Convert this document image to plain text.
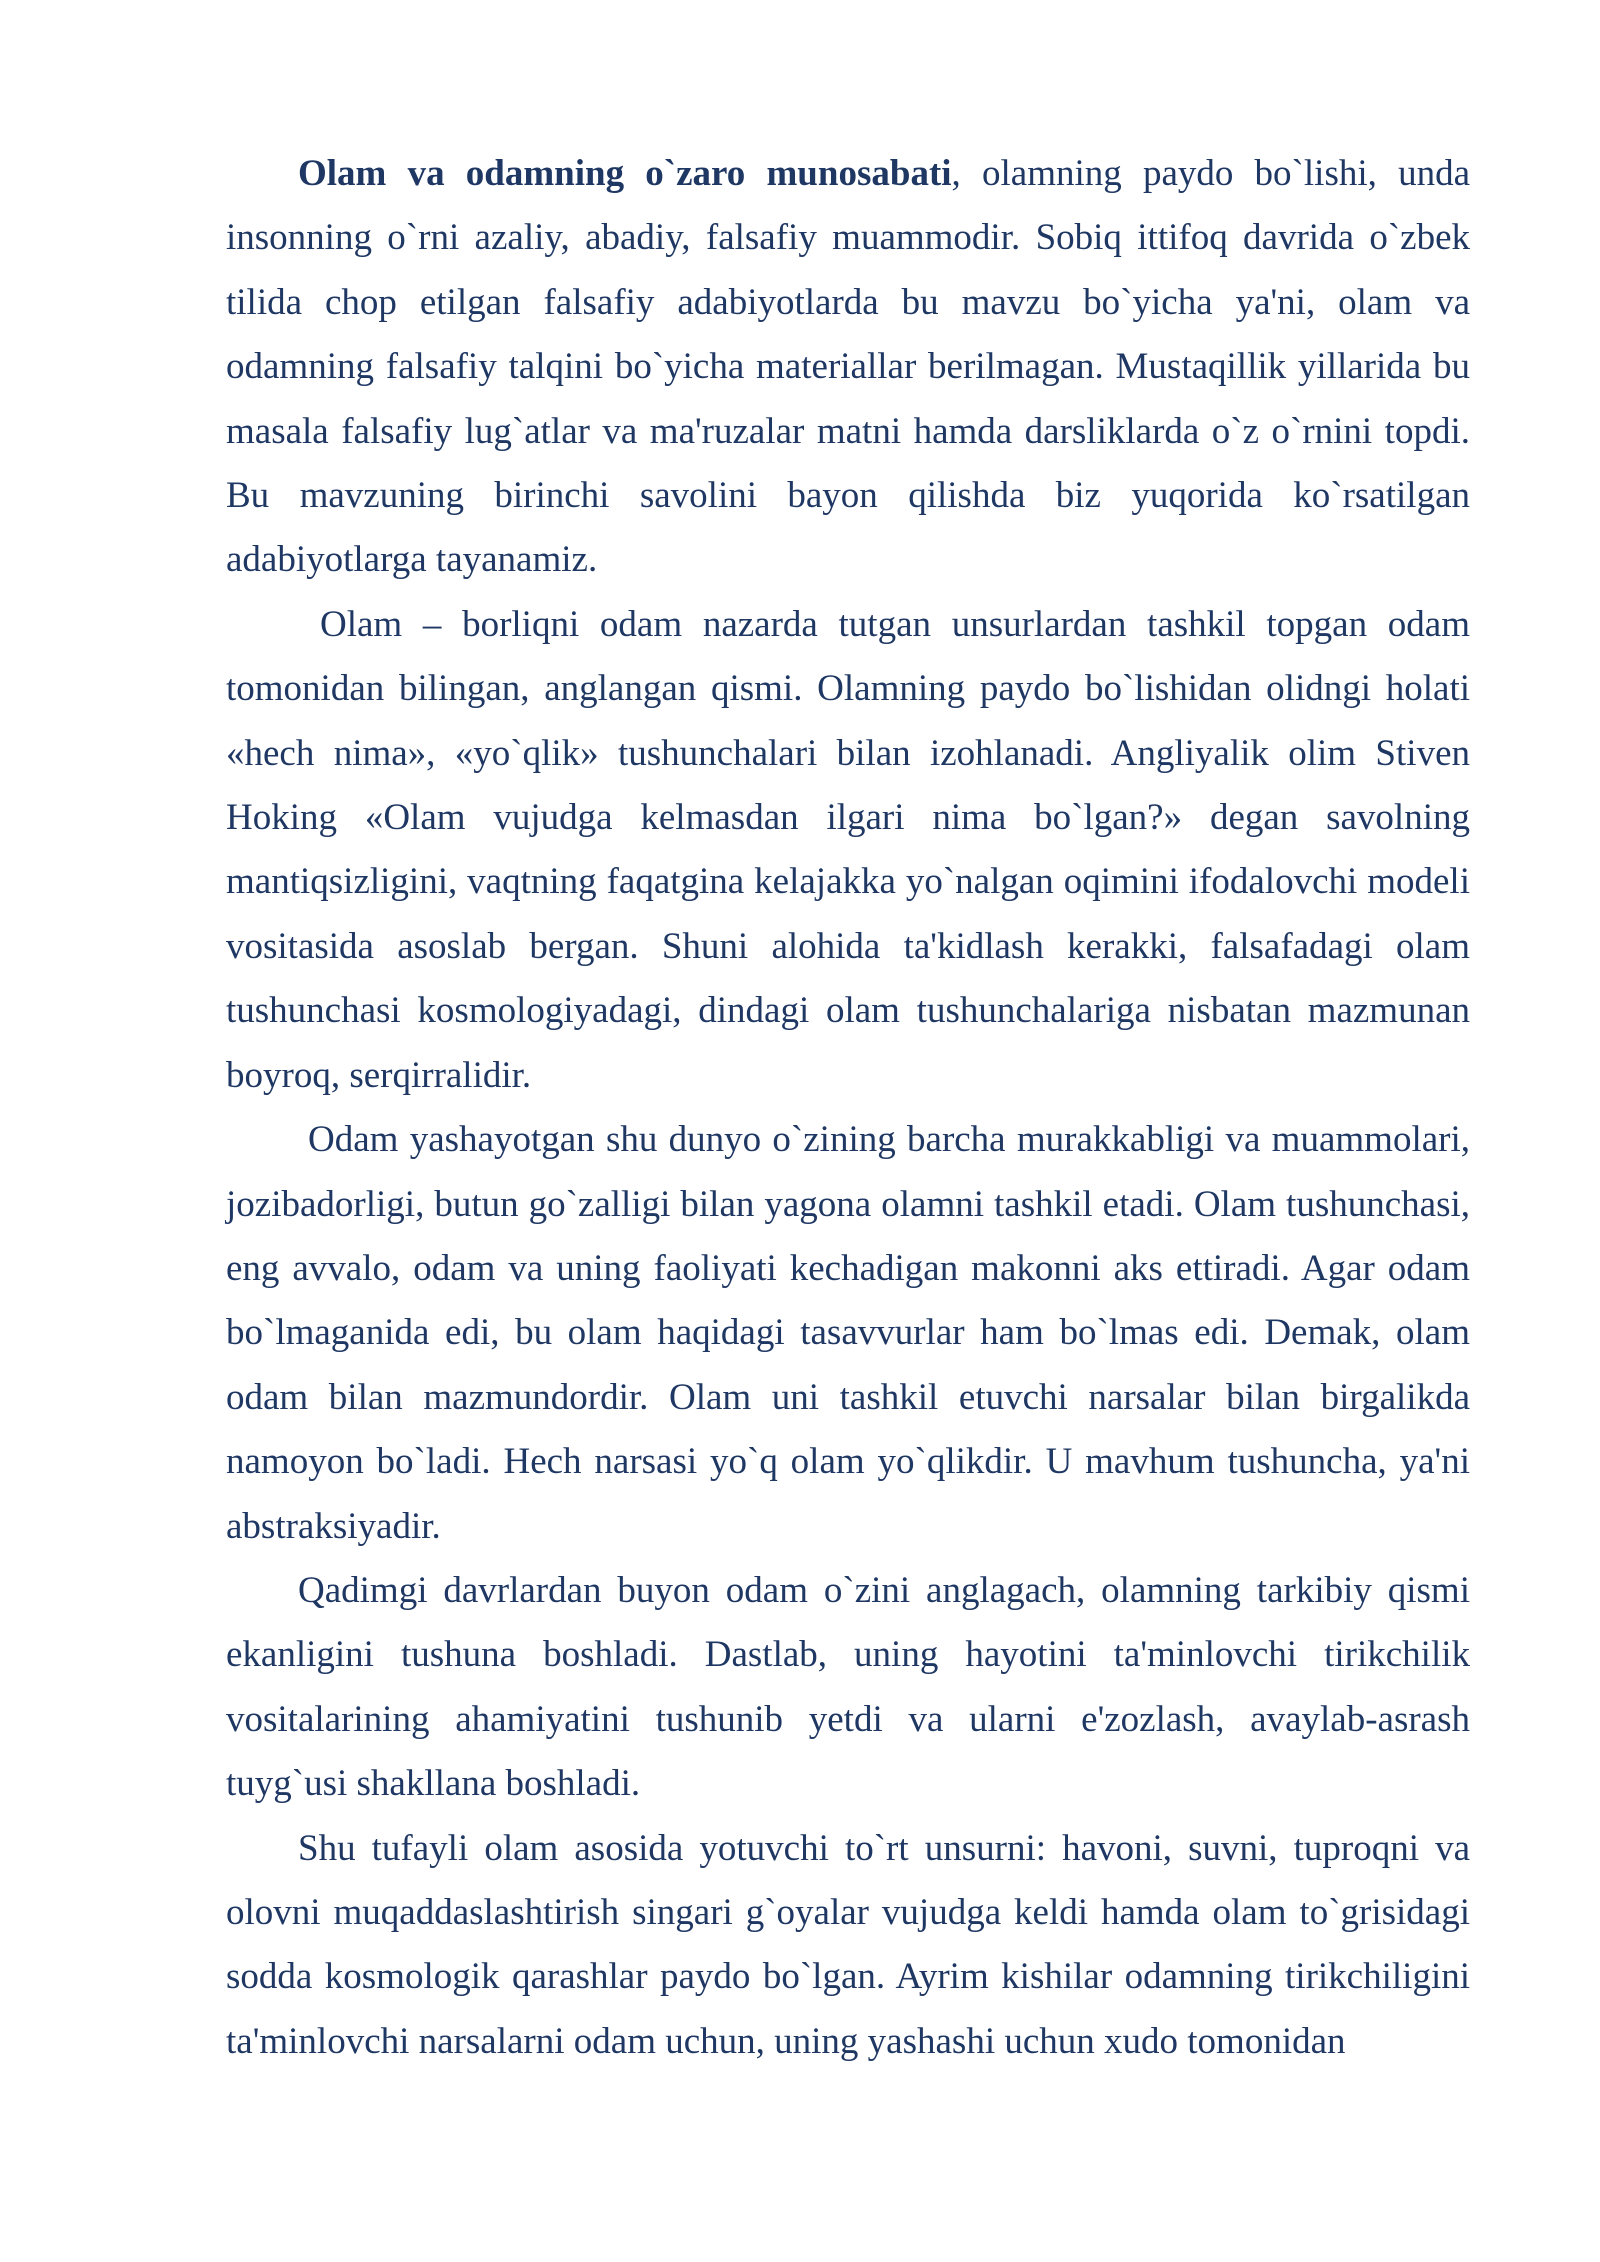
Olam va odamning o`zaro munosabati, olamning paydo bo`lishi, unda insonning o`rni azaliy, abadiy, falsafiy muammodir. Sobiq ittifoq davrida o`zbek tilida chop etilgan falsafiy adabiyotlarda bu mavzu bo`yicha ya'ni, olam va odamning falsafiy talqini bo`yicha materiallar berilmagan. Mustaqillik yillarida bu masala falsafiy lug`atlar va ma'ruzalar matni hamda darsliklarda o`z o`rnini topdi. Bu mavzuning birinchi savolini bayon qilishda biz yuqorida ko`rsatilgan adabiyotlarga tayanamiz.

Olam – borliqni odam nazarda tutgan unsurlardan tashkil topgan odam tomonidan bilingan, anglangan qismi. Olamning paydo bo`lishidan olidngi holati «hech nima», «yo`qlik» tushunchalari bilan izohlanadi. Angliyalik olim Stiven Hoking «Olam vujudga kelmasdan ilgari nima bo`lgan?» degan savolning mantiqsizligini, vaqtning faqatgina kelajakka yo`nalgan oqimini ifodalovchi modeli vositasida asoslab bergan. Shuni alohida ta'kidlash kerakki, falsafadagi olam tushunchasi kosmologiyadagi, dindagi olam tushunchalariga nisbatan mazmunan boyroq, serqirralidir.

Odam yashayotgan shu dunyo o`zining barcha murakkabligi va muammolari, jozibadorligi, butun go`zalligi bilan yagona olamni tashkil etadi. Olam tushunchasi, eng avvalo, odam va uning faoliyati kechadigan makonni aks ettiradi. Agar odam bo`lmaganida edi, bu olam haqidagi tasavvurlar ham bo`lmas edi. Demak, olam odam bilan mazmundordir. Olam uni tashkil etuvchi narsalar bilan birgalikda namoyon bo`ladi. Hech narsasi yo`q olam yo`qlikdir. U mavhum tushuncha, ya'ni abstraksiyadir.

Qadimgi davrlardan buyon odam o`zini anglagach, olamning tarkibiy qismi ekanligini tushuna boshladi. Dastlab, uning hayotini ta'minlovchi tirikchilik vositalarining ahamiyatini tushunib yetdi va ularni e'zozlash, avaylab-asrash tuyg`usi shakllana boshladi.

Shu tufayli olam asosida yotuvchi to`rt unsurni: havoni, suvni, tuproqni va olovni muqaddaslashtirish singari g`oyalar vujudga keldi hamda olam to`grisidagi sodda kosmologik qarashlar paydo bo`lgan. Ayrim kishilar odamning tirikchiligini ta'minlovchi narsalarni odam uchun, uning yashashi uchun xudo tomonidan
